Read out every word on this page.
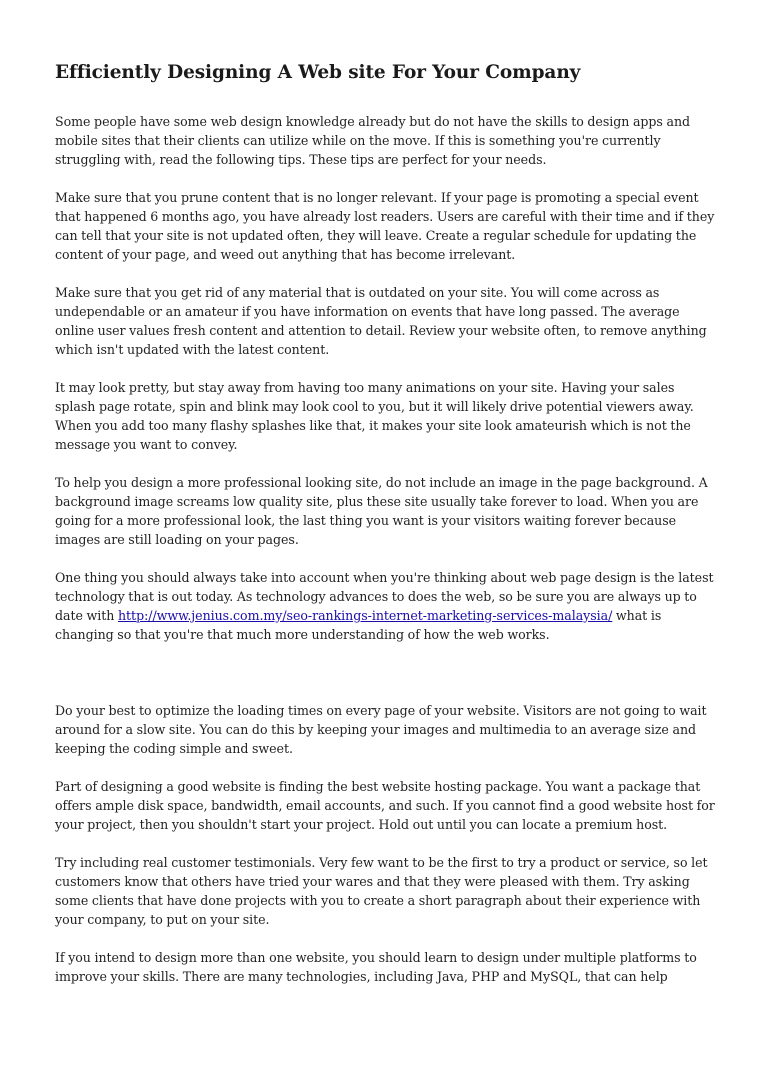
Efficiently Designing A Web site For Your Company

Some people have some web design knowledge already but do not have the skills to design apps and mobile sites that their clients can utilize while on the move. If this is something you're currently struggling with, read the following tips. These tips are perfect for your needs.

Make sure that you prune content that is no longer relevant. If your page is promoting a special event that happened 6 months ago, you have already lost readers. Users are careful with their time and if they can tell that your site is not updated often, they will leave. Create a regular schedule for updating the content of your page, and weed out anything that has become irrelevant.

Make sure that you get rid of any material that is outdated on your site. You will come across as undependable or an amateur if you have information on events that have long passed. The average online user values fresh content and attention to detail. Review your website often, to remove anything which isn't updated with the latest content.

It may look pretty, but stay away from having too many animations on your site. Having your sales splash page rotate, spin and blink may look cool to you, but it will likely drive potential viewers away. When you add too many flashy splashes like that, it makes your site look amateurish which is not the message you want to convey.

To help you design a more professional looking site, do not include an image in the page background. A background image screams low quality site, plus these site usually take forever to load. When you are going for a more professional look, the last thing you want is your visitors waiting forever because images are still loading on your pages.

One thing you should always take into account when you're thinking about web page design is the latest technology that is out today. As technology advances to does the web, so be sure you are always up to date with http://www.jenius.com.my/seo-rankings-internet-marketing-services-malaysia/ what is changing so that you're that much more understanding of how the web works.

Do your best to optimize the loading times on every page of your website. Visitors are not going to wait around for a slow site. You can do this by keeping your images and multimedia to an average size and keeping the coding simple and sweet.

Part of designing a good website is finding the best website hosting package. You want a package that offers ample disk space, bandwidth, email accounts, and such. If you cannot find a good website host for your project, then you shouldn't start your project. Hold out until you can locate a premium host.

Try including real customer testimonials. Very few want to be the first to try a product or service, so let customers know that others have tried your wares and that they were pleased with them. Try asking some clients that have done projects with you to create a short paragraph about their experience with your company, to put on your site.

If you intend to design more than one website, you should learn to design under multiple platforms to improve your skills. There are many technologies, including Java, PHP and MySQL, that can help
